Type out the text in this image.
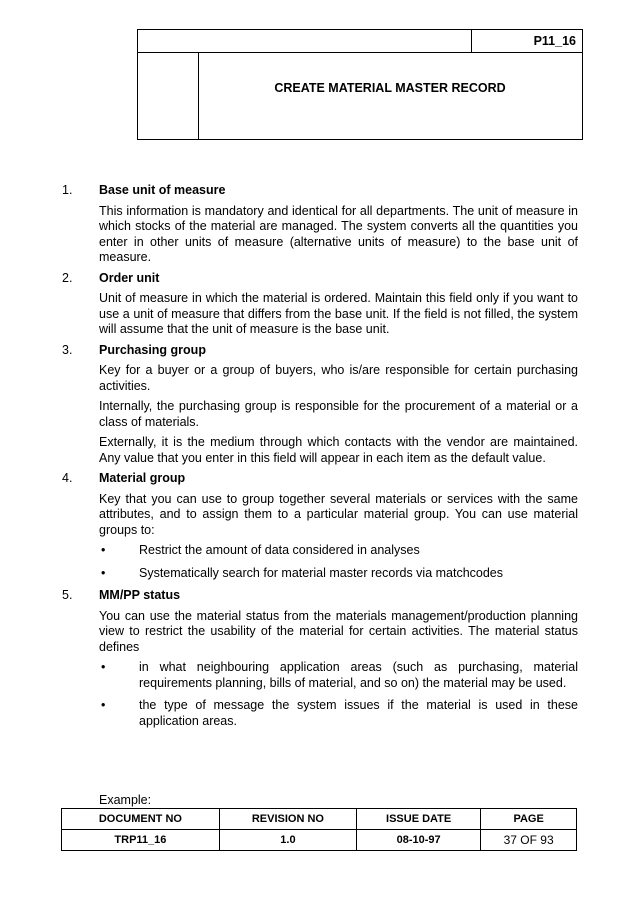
P11_16
CREATE MATERIAL MASTER RECORD
1. Base unit of measure
This information is mandatory and identical for all departments. The unit of measure in which stocks of the material are managed. The system converts all the quantities you enter in other units of measure (alternative units of measure) to the base unit of measure.
2. Order unit
Unit of measure in which the material is ordered. Maintain this field only if you want to use a unit of measure that differs from the base unit. If the field is not filled, the system will assume that the unit of measure is the base unit.
3. Purchasing group
Key for a buyer or a group of buyers, who is/are responsible for certain purchasing activities.
Internally, the purchasing group is responsible for the procurement of a material or a class of materials.
Externally, it is the medium through which contacts with the vendor are maintained. Any value that you enter in this field will appear in each item as the default value.
4. Material group
Key that you can use to group together several materials or services with the same attributes, and to assign them to a particular material group. You can use material groups to:
•	Restrict the amount of data considered in analyses
•	Systematically search for material master records via matchcodes
5. MM/PP status
You can use the material status from the materials management/production planning view to restrict the usability of the material for certain activities. The material status defines
•	in what neighbouring application areas (such as purchasing, material requirements planning, bills of material, and so on) the material may be used.
•	the type of message the system issues if the material is used in these application areas.
Example:
DOCUMENT NO	REVISION NO	ISSUE DATE	PAGE
TRP11_16	1.0	08-10-97	37 OF 93
